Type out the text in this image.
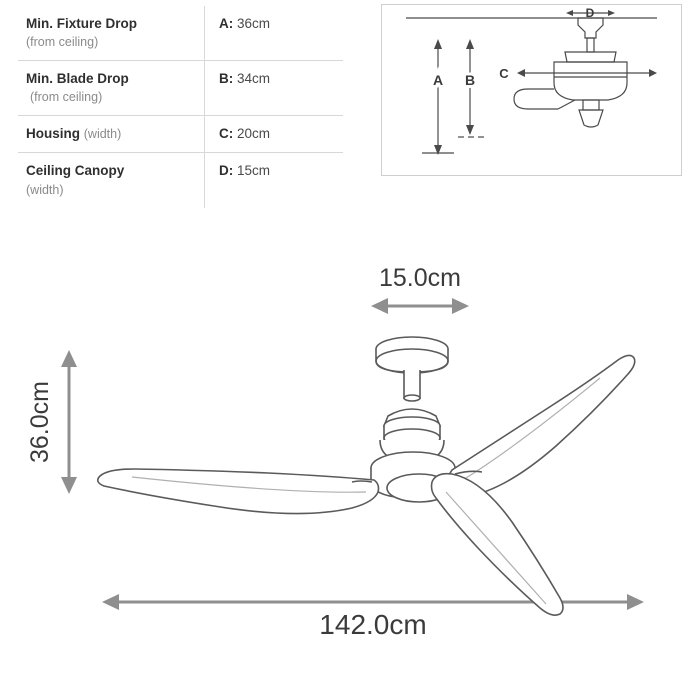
Min. Fixture Drop
(from ceiling)	A: 36cm
Min. Blade Drop
(from ceiling)	B: 34cm
Housing (width)	C: 20cm
Ceiling Canopy
(width)	D: 15cm
D
A B C
15.0cm
36.0cm
142.0cm
